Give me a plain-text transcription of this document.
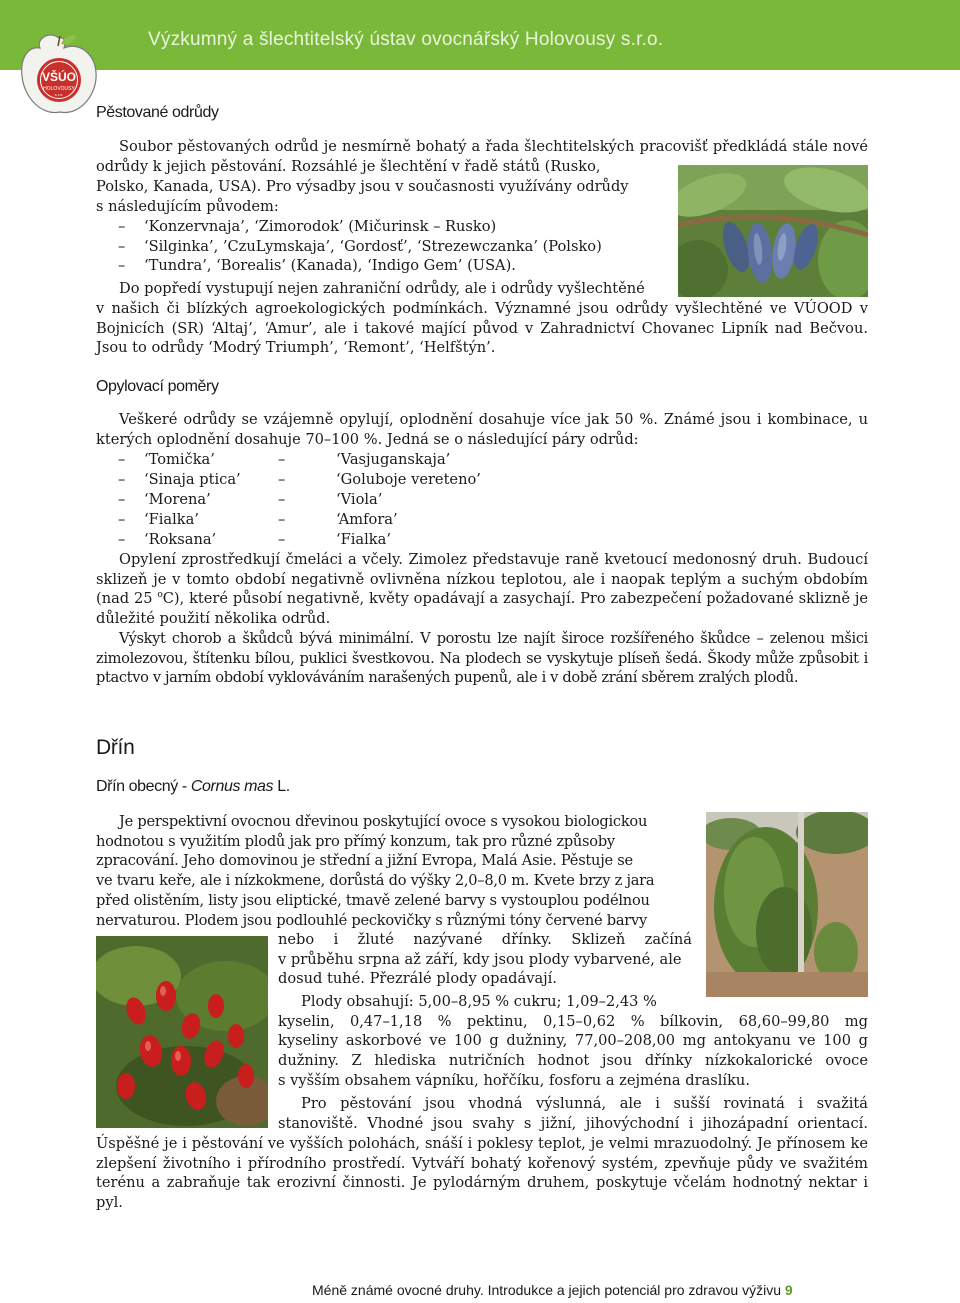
Výzkumný a šlechtitelský ústav ovocnářský Holovousy s.r.o.
VŠÚO
HOLOVOUSY
s.r.o.
Pěstované odrůdy
Soubor pěstovaných odrůd je nesmírně bohatý a řada šlechtitelských pracovišť předkládá stále nové odrůdy k jejich pěstování. Rozsáhlé je šlechtění v řadě států (Rusko,
Polsko, Kanada, USA). Pro výsadby jsou v současnosti využívány odrůdy
s následujícím původem:
– ‘Konzervnaja’, ‘Zimorodok’ (Mičurinsk – Rusko)
– ‘Silginka’, ’CzuLymskaja’, ‘Gordosť’, ‘Strezewczanka’ (Polsko)
– ‘Tundra’, ‘Borealis’ (Kanada), ‘Indigo Gem’ (USA).
Do popředí vystupují nejen zahraniční odrůdy, ale i odrůdy vyšlechtěné
v našich či blízkých agroekologických podmínkách. Významné jsou odrůdy vyšlechtěné ve VÚOOD v Bojnicích (SR) ‘Altaj’, ‘Amur’, ale i takové mající původ v Zahradnictví Chovanec Lipník nad Bečvou. Jsou to odrůdy ‘Modrý Triumph’, ‘Remont’, ‘Helfštýn’.
Opylovací poměry
Veškeré odrůdy se vzájemně opylují, oplodnění dosahuje více jak 50 %. Známé jsou i kombinace, u kterých oplodnění dosahuje 70–100 %. Jedná se o následující páry odrůd:
– ‘Tomička’	–	‘Vasjuganskaja’
– ‘Sinaja ptica’	–	‘Goluboje vereteno’
– ‘Morena’	–	‘Viola’
– ‘Fialka’	–	‘Amfora’
– ‘Roksana’	–	‘Fialka’
Opylení zprostředkují čmeláci a včely. Zimolez představuje raně kvetoucí medonosný druh. Budoucí sklizeň je v tomto období negativně ovlivněna nízkou teplotou, ale i naopak teplým a suchým obdobím (nad 25 $^o$C), které působí negativně, květy opadávají a zasychají. Pro zabezpečení požadované sklizně je důležité použití několika odrůd.
Výskyt chorob a škůdců bývá minimální. V porostu lze najít široce rozšířeného škůdce – zelenou mšici zimolezovou, štítenku bílou, puklici švestkovou. Na plodech se vyskytuje plíseň šedá. Škody může způsobit i ptactvo v jarním období vyklováváním narašených pupenů, ale i v době zrání sběrem zralých plodů.
Dřín
Dřín obecný - Cornus mas L.
Je perspektivní ovocnou dřevinou poskytující ovoce s vysokou biologickou
hodnotou s využitím plodů jak pro přímý konzum, tak pro různé způsoby
zpracování. Jeho domovinou je střední a jižní Evropa, Malá Asie. Pěstuje se
ve tvaru keře, ale i nízkokmene, dorůstá do výšky 2,0–8,0 m. Kvete brzy z jara
před olistěním, listy jsou eliptické, tmavě zelené barvy s vystouplou podélnou
nervaturou. Plodem jsou podlouhlé peckovičky s různými tóny červené barvy
nebo i žluté nazývané dřínky. Sklizeň začíná
v průběhu srpna až září, kdy jsou plody vybarvené, ale
dosud tuhé. Přezrálé plody opadávají.
Plody obsahují: 5,00–8,95 % cukru; 1,09–2,43 %
kyselin, 0,47–1,18 % pektinu, 0,15–0,62 % bílkovin, 68,60–99,80 mg
kyseliny askorbové ve 100 g dužniny, 77,00–208,00 mg antokyanu ve 100 g
dužniny. Z hlediska nutričních hodnot jsou dřínky nízkokalorické ovoce
s vyšším obsahem vápníku, hořčíku, fosforu a zejména draslíku.
Pro pěstování jsou vhodná výslunná, ale i sušší rovinatá i svažitá
stanoviště. Vhodné jsou svahy s jižní, jihovýchodní i jihozápadní orientací.
Úspěšné je i pěstování ve vyšších polohách, snáší i poklesy teplot, je velmi mrazuodolný. Je přínosem ke zlepšení životního i přírodního prostředí. Vytváří bohatý kořenový systém, zpevňuje půdy ve svažitém terénu a zabraňuje tak erozivní činnosti. Je pylodárným druhem, poskytuje včelám hodnotný nektar i pyl.
Méně známé ovocné druhy. Introdukce a jejich potenciál pro zdravou výživu 9
